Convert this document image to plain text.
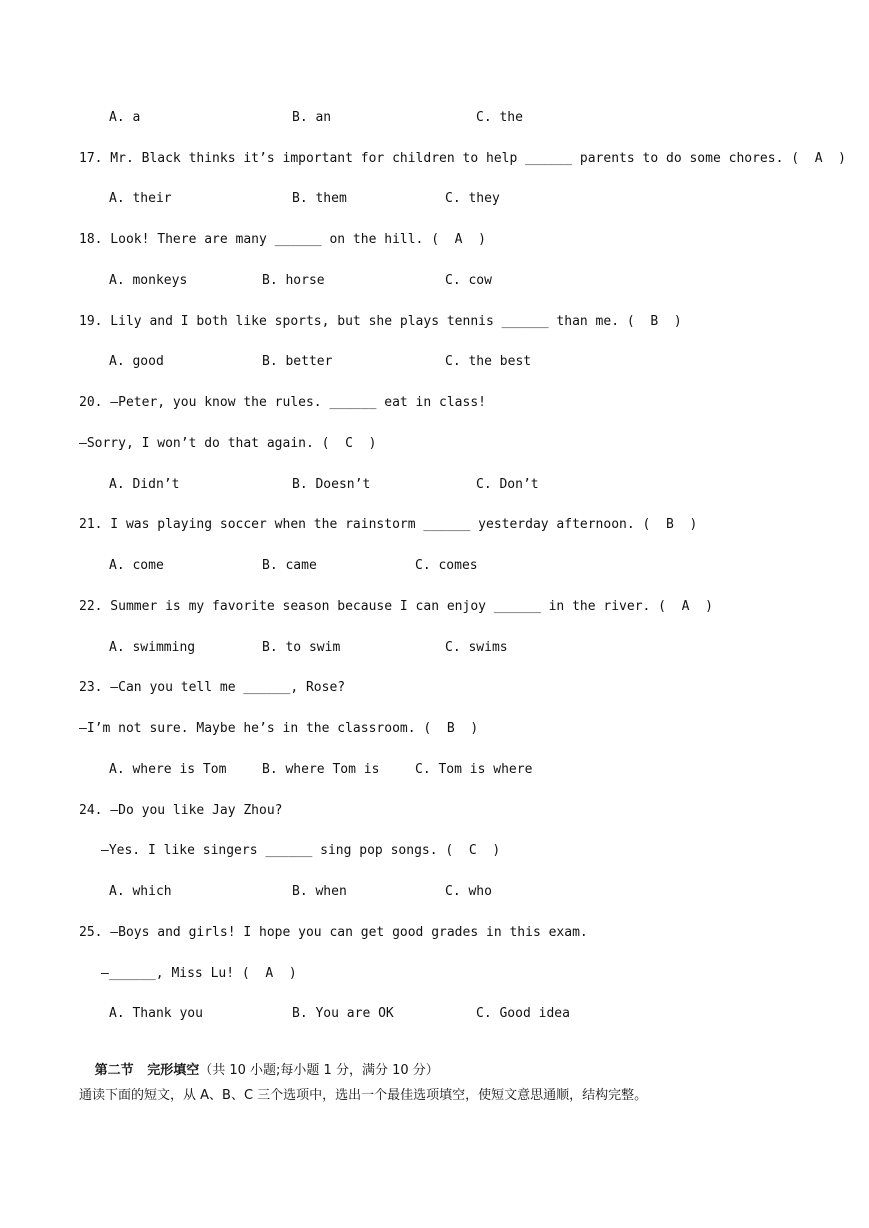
A. a	B. an	C. the
17. Mr. Black thinks it’s important for children to help ______ parents to do some chores. (  A  )
A. their	B. them	C. they
18. Look! There are many ______ on the hill. (  A  )
A. monkeys	B. horse	C. cow
19. Lily and I both like sports, but she plays tennis ______ than me. (  B  )
A. good	B. better	C. the best
20. —Peter, you know the rules. ______ eat in class!
—Sorry, I won’t do that again. (  C  )
A. Didn’t	B. Doesn’t	C. Don’t
21. I was playing soccer when the rainstorm ______ yesterday afternoon. (  B  )
A. come	B. came	C. comes
22. Summer is my favorite season because I can enjoy ______ in the river. (  A  )
A. swimming	B. to swim	C. swims
23. —Can you tell me ______, Rose?
—I’m not sure. Maybe he’s in the classroom. (  B  )
A. where is Tom	B. where Tom is	C. Tom is where
24. —Do you like Jay Zhou?
—Yes. I like singers ______ sing pop songs. (  C  )
A. which	B. when	C. who
25. —Boys and girls! I hope you can get good grades in this exam.
—______, Miss Lu! (  A  )
A. Thank you	B. You are OK	C. Good idea

第二节   完形填空（共 10 小题;每小题 1 分，满分 10 分）

通读下面的短文，从 A、B、C 三个选项中，选出一个最佳选项填空，使短文意思通顺，结构完整。
